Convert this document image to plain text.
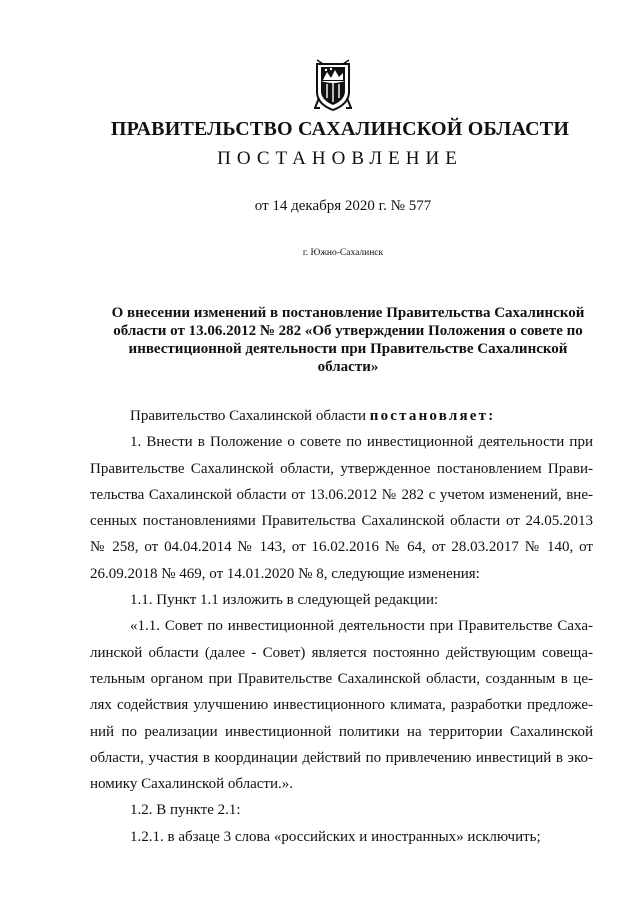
ПРАВИТЕЛЬСТВО САХАЛИНСКОЙ ОБЛАСТИ
ПОСТАНОВЛЕНИЕ
от 14 декабря 2020 г. № 577
г. Южно-Сахалинск
О внесении изменений в постановление Правительства Сахалинской
области от 13.06.2012 № 282 «Об утверждении Положения о совете по
инвестиционной деятельности при Правительстве Сахалинской
области»
Правительство Сахалинской области постановляет:
1. Внести в Положение о совете по инвестиционной деятельности при
Правительстве Сахалинской области, утвержденное постановлением Прави-
тельства Сахалинской области от 13.06.2012 № 282 с учетом изменений, вне-
сенных постановлениями Правительства Сахалинской области от 24.05.2013
№ 258, от 04.04.2014 № 143, от 16.02.2016 № 64, от 28.03.2017 № 140, от
26.09.2018 № 469, от 14.01.2020 № 8, следующие изменения:
1.1. Пункт 1.1 изложить в следующей редакции:
«1.1. Совет по инвестиционной деятельности при Правительстве Саха-
линской области (далее - Совет) является постоянно действующим совеща-
тельным органом при Правительстве Сахалинской области, созданным в це-
лях содействия улучшению инвестиционного климата, разработки предложе-
ний по реализации инвестиционной политики на территории Сахалинской
области, участия в координации действий по привлечению инвестиций в эко-
номику Сахалинской области.».
1.2. В пункте 2.1:
1.2.1. в абзаце 3 слова «российских и иностранных» исключить;
